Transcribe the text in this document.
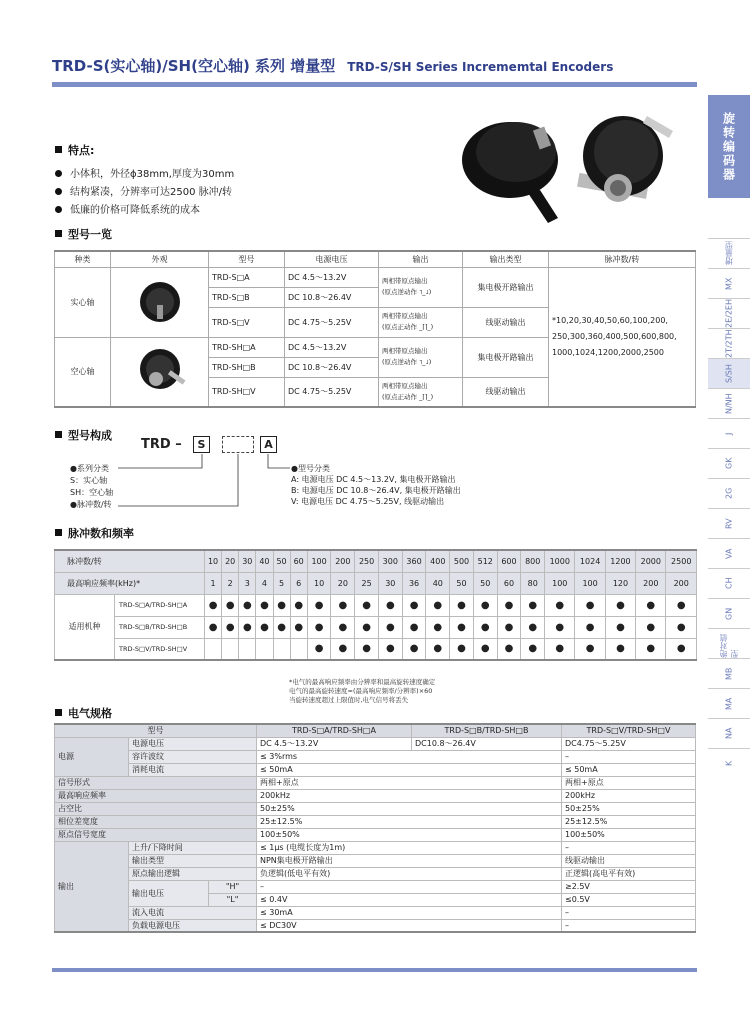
TRD-S(实心轴)/SH(空心轴) 系列 增量型 TRD-S/SH Series Incrememtal Encoders
旋转编码器
增量型
MX
2E/2EH
2T/2TH
S/SH
N/NH
J
GK
2G
RV
VA
CH
GN
绝对值型
MB
MA
NA
K
特点:
小体积，外径ϕ38mm,厚度为30mm
结构紧凑，分辨率可达2500 脉冲/转
低廉的价格可降低系统的成本
型号一览
种类	外观	型号	电源电压	输出	输出类型	脉冲数/转
实心轴		TRD-S□A	DC 4.5～13.2V	两相带原点输出
(原点逆动作 ˥_˩)	集电极开路输出	*10,20,30,40,50,60,100,200,
250,300,360,400,500,600,800,
1000,1024,1200,2000,2500
		TRD-S□B	DC 10.8～26.4V			
		TRD-S□V	DC 4.75～5.25V	两相带原点输出
(原点正动作 _⌈⌉_)	线驱动输出	
空心轴		TRD-SH□A	DC 4.5～13.2V	两相带原点输出
(原点逆动作 ˥_˩)	集电极开路输出	
		TRD-SH□B	DC 10.8～26.4V			
		TRD-SH□V	DC 4.75～5.25V	两相带原点输出
(原点正动作 _⌈⌉_)	线驱动输出	
型号构成
TRD –	S	A
●系列分类
S：实心轴
SH：空心轴
●脉冲数/转
●型号分类
A: 电源电压 DC 4.5～13.2V, 集电极开路输出
B: 电源电压 DC 10.8～26.4V, 集电极开路输出
V: 电源电压 DC 4.75～5.25V, 线驱动输出
脉冲数和频率
脉冲数/转		10	20	30	40	50	60	100	200	250	300	360	400	500	512	600	800	1000	1024	1200	2000	2500
最高响应频率(kHz)*		1	2	3	4	5	6	10	20	25	30	36	40	50	50	60	80	100	100	120	200	200
适用机种	TRD-S□A/TRD-SH□A	●	●	●	●	●	●	●	●	●	●	●	●	●	●	●	●	●	●	●	●	●
	TRD-S□B/TRD-SH□B	●	●	●	●	●	●	●	●	●	●	●	●	●	●	●	●	●	●	●	●	●
	TRD-S□V/TRD-SH□V							●	●	●	●	●	●	●	●	●	●	●	●	●	●	●
*电气的最高响应频率由分辨率和最高旋转速度确定
电气的最高旋转速度=(最高响应频率/分辨率)×60
当旋转速度超过上限值时,电气信号将丢失
电气规格
型号			TRD-S□A/TRD-SH□A	TRD-S□B/TRD-SH□B	TRD-S□V/TRD-SH□V
电源	电源电压		DC 4.5～13.2V	DC10.8～26.4V	DC4.75～5.25V
	容许波纹		≤ 3%rms		–
	消耗电流		≤ 50mA		≤ 50mA
信号形式			两相+原点		两相+原点
最高响应频率			200kHz		200kHz
占空比			50±25%		50±25%
相位差宽度			25±12.5%		25±12.5%
原点信号宽度			100±50%		100±50%
输出	上升/下降时间		≤ 1μs (电缆长度为1m)		–
	输出类型		NPN集电极开路输出		线驱动输出
	原点输出逻辑		负逻辑(低电平有效)		正逻辑(高电平有效)
	输出电压	"H"	–		≥2.5V
		"L"	≤ 0.4V		≤0.5V
	流入电流		≤ 30mA		–
	负载电源电压		≤ DC30V		–
